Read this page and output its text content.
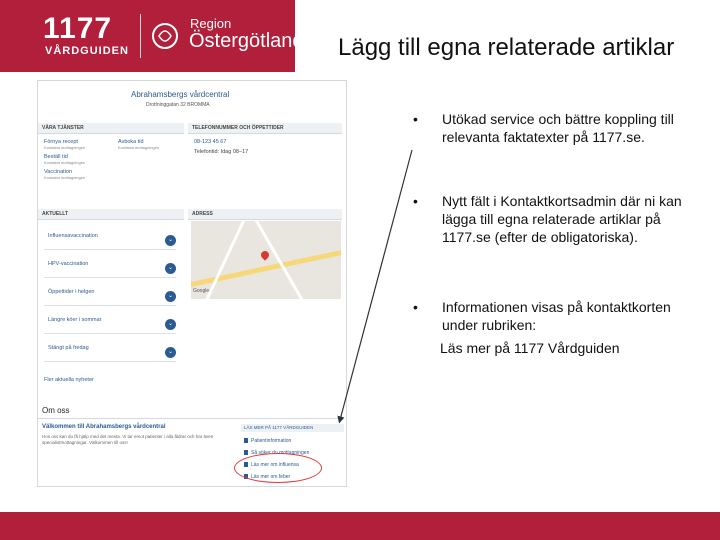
1177
VÅRDGUIDEN
Region
Östergötland Lägg till egna relaterade artiklar
Abrahamsbergs vårdcentral
Drottninggatan 32 BROMMA
VÅRA TJÄNSTER	TELEFONNUMMER OCH ÖPPETTIDER
Förnya recept
Kontakta mottagningen
Beställ tid
Kontakta mottagningen
Vaccination
Kontakta mottagningen
Avboka tid
Kontakta mottagningen
08-123 45 67
Telefontid: Idag 08–17
AKTUELLT	ADRESS
Influensavaccination
⌄
HPV-vaccination
⌄
Öppettider i helgen
⌄
Längre köer i sommar
⌄
Stängt på fredag
⌄
Fler aktuella nyheter
Google
Om oss
Välkommen till Abrahamsbergs vårdcentral
Hos oss kan du få hjälp med det mesta. Vi tar emot patienter i alla åldrar och har även specialistmottagningar. Välkommen till oss!
LÄS MER PÅ 1177 VÅRDGUIDEN
Patientinformation
Så söker du mottagningen
Läs mer om influensa
Läs mer om feber
• Utökad service och bättre koppling till relevanta faktatexter på 1177.se.
• Nytt fält i Kontaktkortsadmin där ni kan lägga till egna relaterade artiklar på 1177.se (efter de obligatoriska).
• Informationen visas på kontaktkorten under rubriken:
Läs mer på 1177 Vårdguiden
